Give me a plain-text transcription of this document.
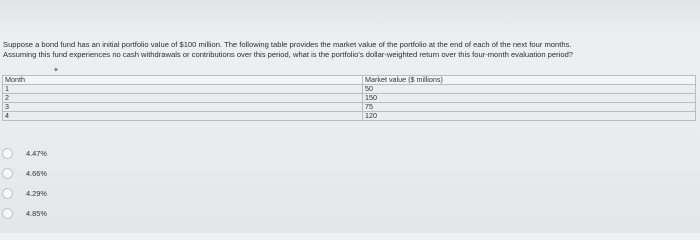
Suppose a bond fund has an initial portfolio value of $100 million. The following table provides the market value of the portfolio at the end of each of the next four months.

Assuming this fund experiences no cash withdrawals or contributions over this period, what is the portfolio's dollar-weighted return over this four-month evaluation period?

✦
Month	Market value ($ millions)
1	50
2	150
3	75
4	120
4.47%
4.66%
4.29%
4.85%
